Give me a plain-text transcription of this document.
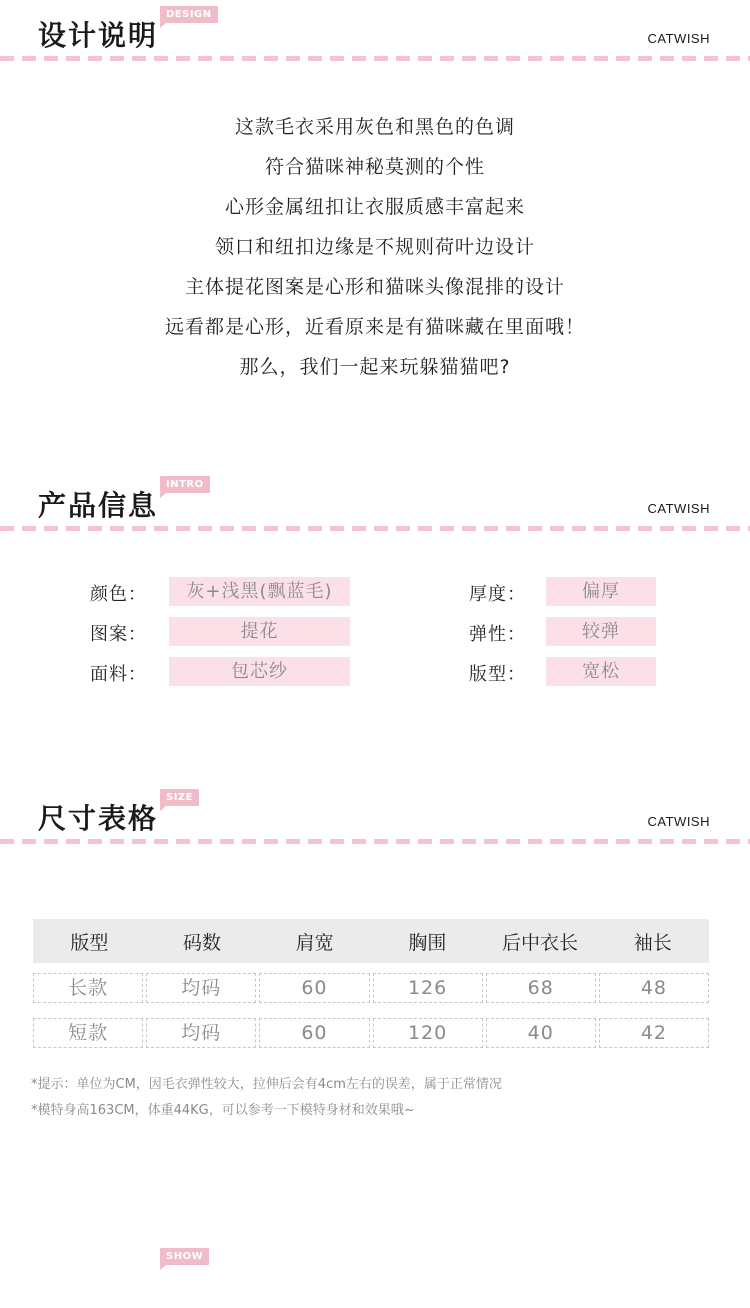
设计说明
DESIGN
CATWISH
这款毛衣采用灰色和黑色的色调
符合猫咪神秘莫测的个性
心形金属纽扣让衣服质感丰富起来
领口和纽扣边缘是不规则荷叶边设计
主体提花图案是心形和猫咪头像混排的设计
远看都是心形，近看原来是有猫咪藏在里面哦！
那么，我们一起来玩躲猫猫吧?
产品信息
INTRO
CATWISH
颜色：	灰+浅黑(飘蓝毛)
图案：	提花
面料：	包芯纱
厚度：	偏厚
弹性：	较弹
版型：	宽松
尺寸表格
SIZE
CATWISH
版型	码数	肩宽	胸围	后中衣长	袖长
长款	均码	60	126	68	48
短款	均码	60	120	40	42
*提示：单位为CM，因毛衣弹性较大，拉伸后会有4cm左右的误差，属于正常情况
*模特身高163CM，体重44KG，可以参考一下模特身材和效果哦~
SHOW
